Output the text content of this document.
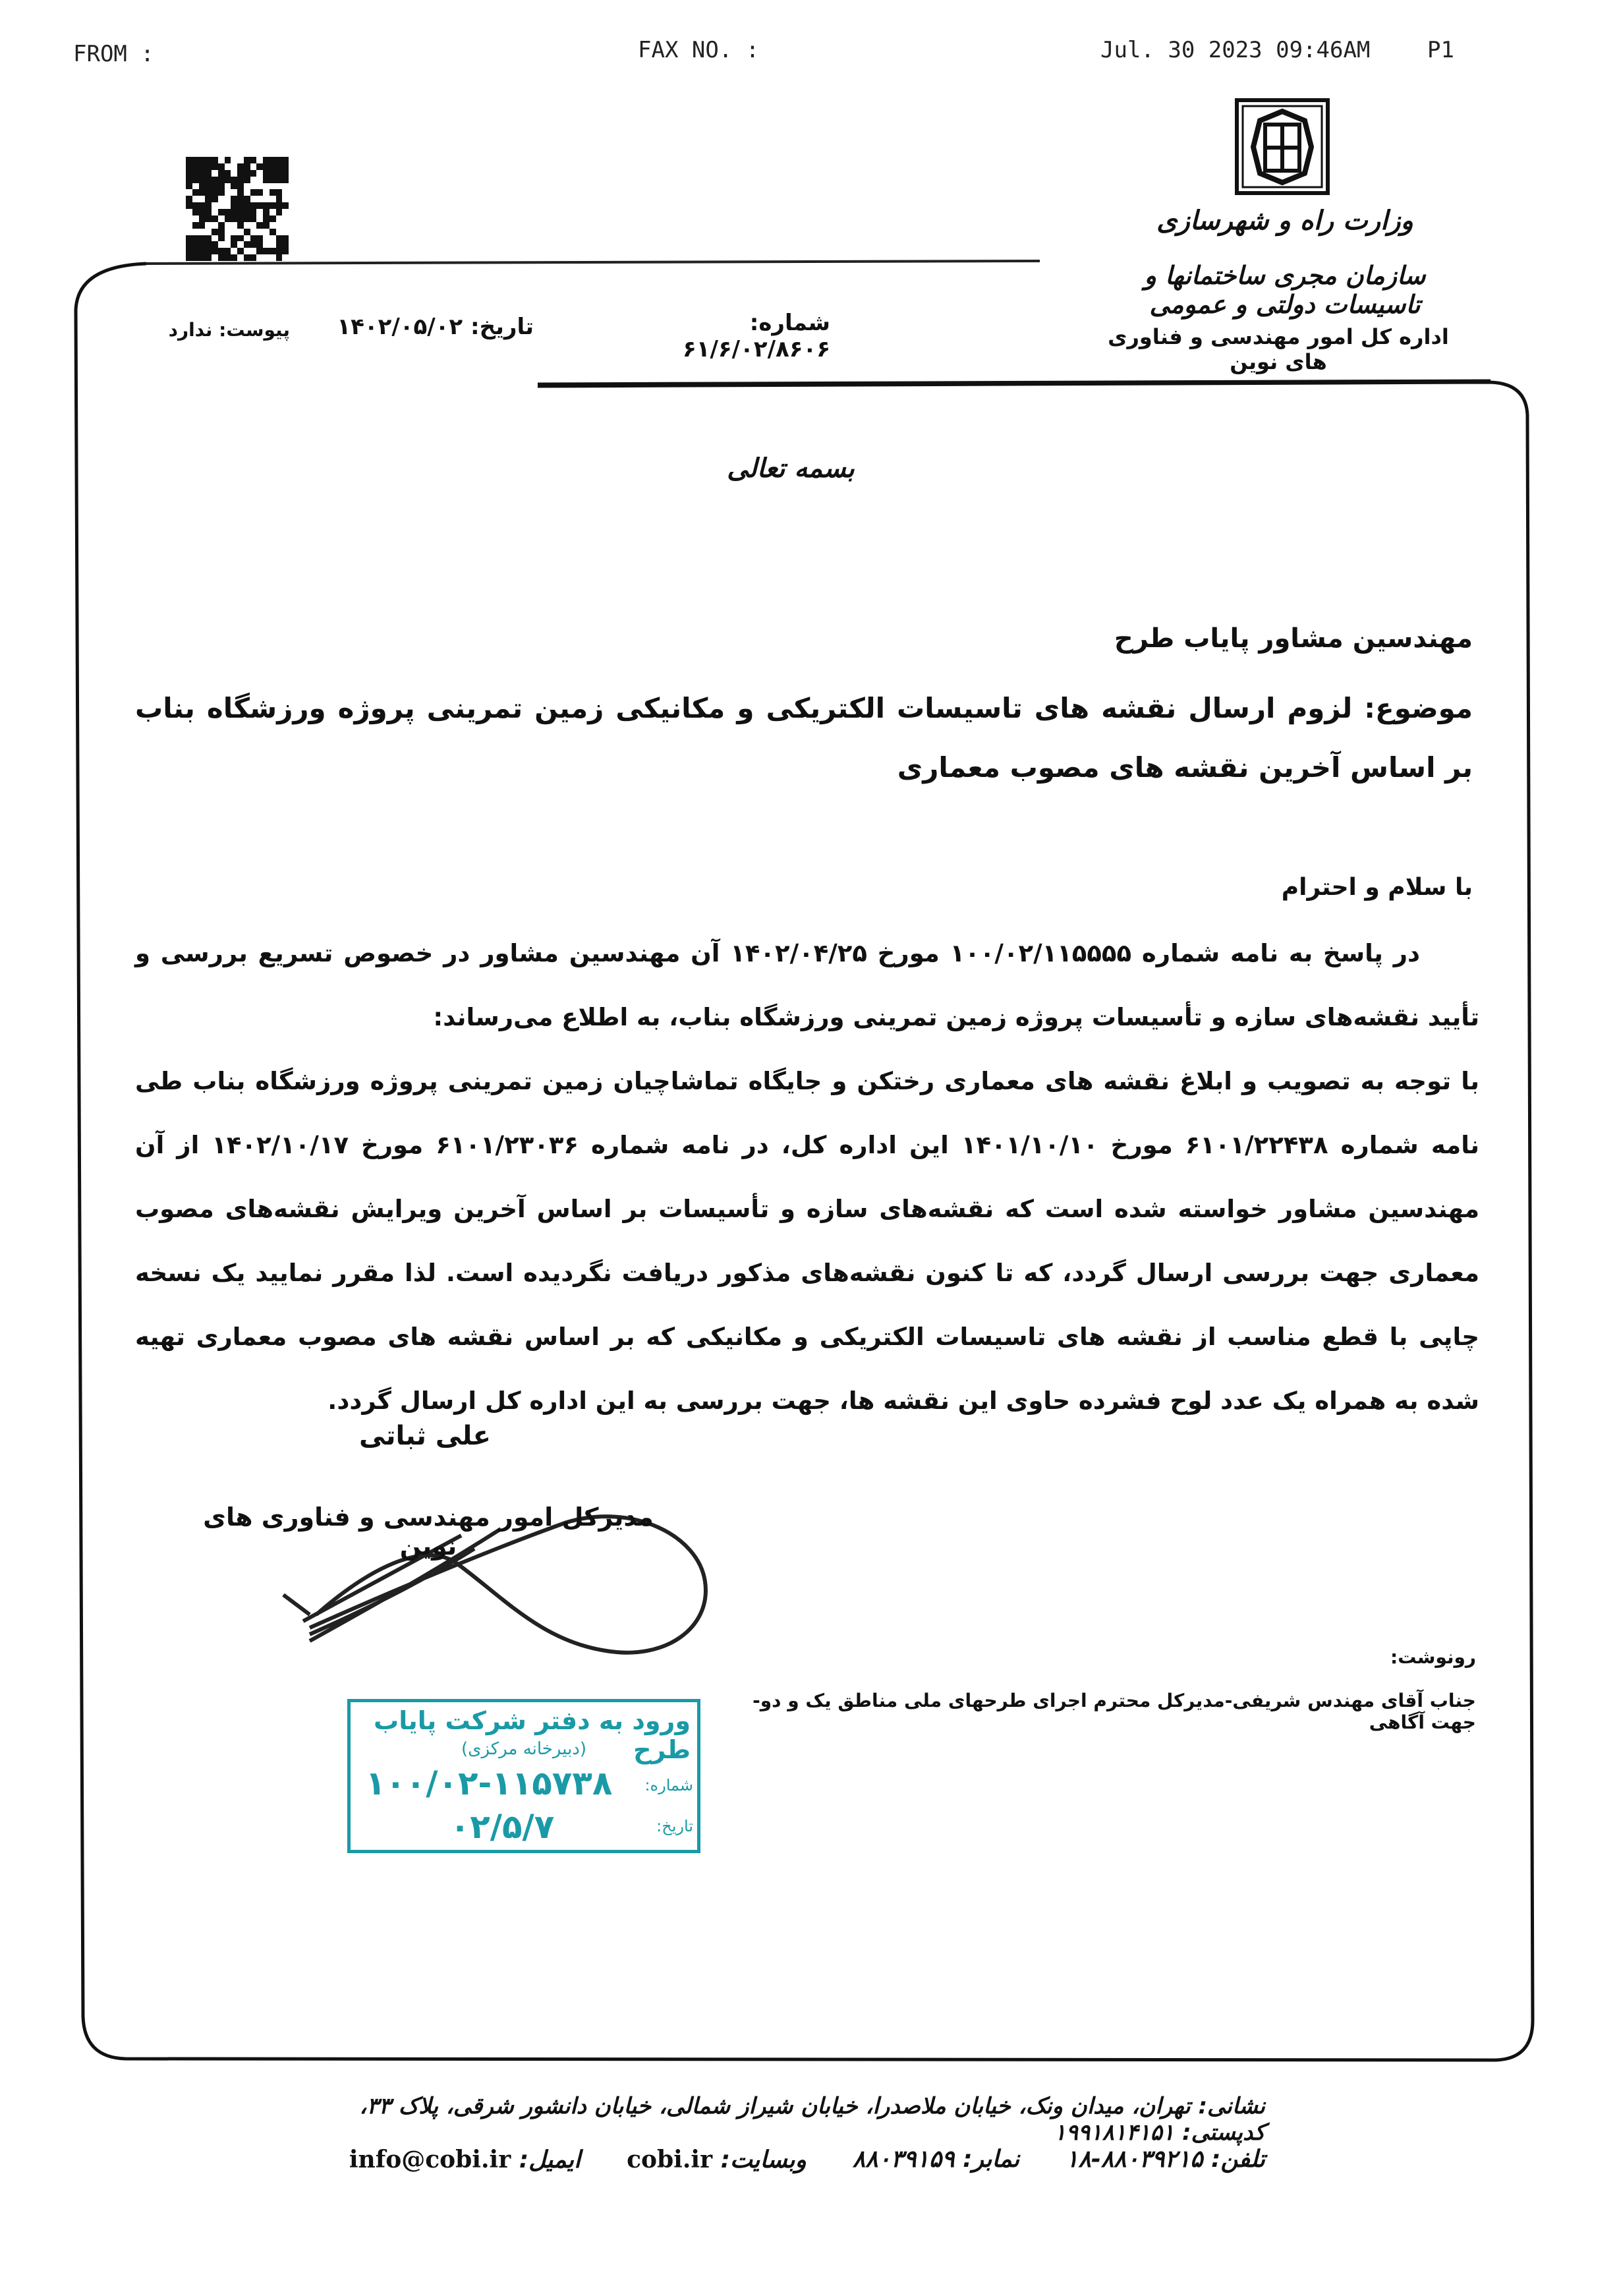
FROM :	FAX NO. :	Jul. 30 2023 09:46AM	P1
وزارت راه و شهرسازی
سازمان مجری ساختمانها و تاسیسات دولتی و عمومی
اداره کل امور مهندسی و فناوری های نوین
شماره: ۶۱/۶/۰۲/۸۶۰۶
تاریخ: ۱۴۰۲/۰۵/۰۲
پیوست: ندارد
بسمه تعالی
مهندسین مشاور پایاب طرح
موضوع: لزوم ارسال نقشه های تاسیسات الکتریکی و مکانیکی زمین تمرینی پروژه ورزشگاه بناب بر اساس آخرین نقشه های مصوب معماری
با سلام و احترام
در پاسخ به نامه شماره ۱۰۰/۰۲/۱۱۵۵۵۵ مورخ ۱۴۰۲/۰۴/۲۵ آن مهندسین مشاور در خصوص تسریع بررسی و تأیید نقشه‌های سازه و تأسیسات پروژه زمین تمرینی ورزشگاه بناب، به اطلاع می‌رساند:
با توجه به تصویب و ابلاغ نقشه های معماری رختکن و جایگاه تماشاچیان زمین تمرینی پروژه ورزشگاه بناب طی نامه شماره ۶۱۰۱/۲۲۴۳۸ مورخ ۱۴۰۱/۱۰/۱۰ این اداره کل، در نامه شماره ۶۱۰۱/۲۳۰۳۶ مورخ ۱۴۰۲/۱۰/۱۷ از آن مهندسین مشاور خواسته شده است که نقشه‌های سازه و تأسیسات بر اساس آخرین ویرایش نقشه‌های مصوب معماری جهت بررسی ارسال گردد، که تا کنون نقشه‌های مذکور دریافت نگردیده است. لذا مقرر نمایید یک نسخه چاپی با قطع مناسب از نقشه های تاسیسات الکتریکی و مکانیکی که بر اساس نقشه های مصوب معماری تهیه شده به همراه یک عدد لوح فشرده حاوی این نقشه ها، جهت بررسی به این اداره کل ارسال گردد.
علی ثباتی
مدیرکل امور مهندسی و فناوری های نوین
رونوشت:
جناب آقای مهندس شریفی-مدیرکل محترم اجرای طرحهای ملی مناطق یک و دو-جهت آگاهی
ورود به دفتر شرکت پایاب طرح
(دبیرخانه مرکزی)
شماره:
۱۰۰/۰۲-۱۱۵۷۳۸
تاریخ:
۰۲/۵/۷
نشانی: تهران، میدان ونک، خیابان ملاصدرا، خیابان شیراز شمالی، خیابان دانشور شرقی، پلاک ۳۳، کدپستی: ۱۹۹۱۸۱۴۱۵۱
تلفن: ۸۸۰۳۹۲۱۵-۱۸
نمابر: ۸۸۰۳۹۱۵۹
وبسایت: cobi.ir
ایمیل: info@cobi.ir
